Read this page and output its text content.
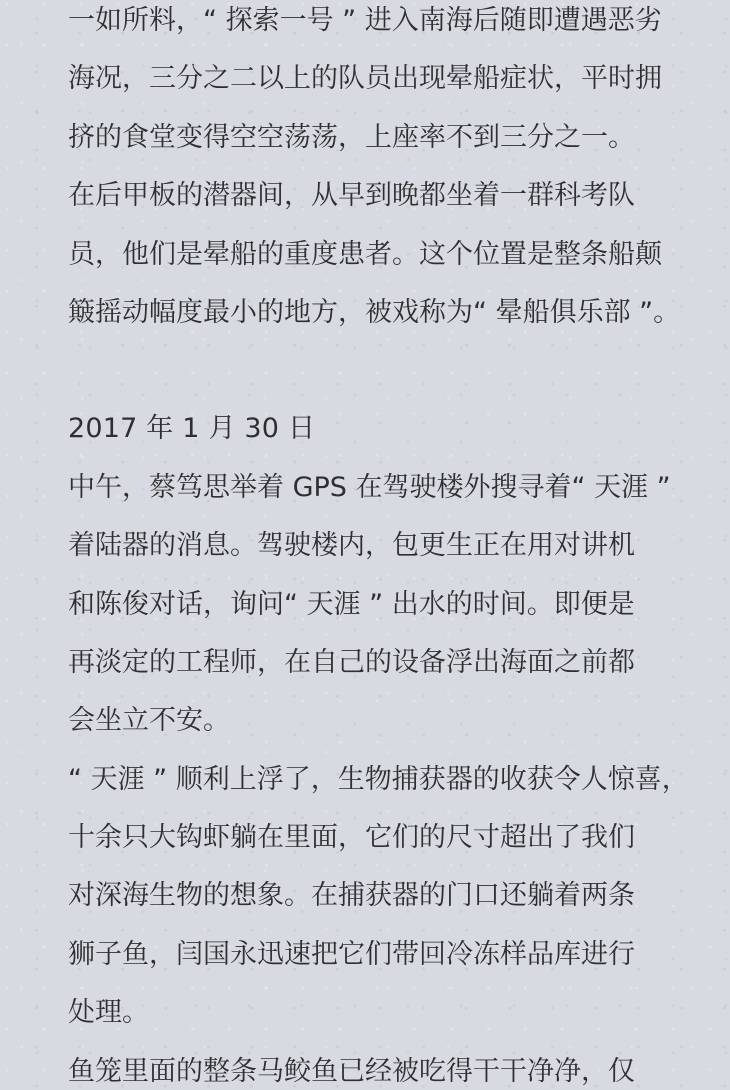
一如所料，“ 探索一号 ” 进入南海后随即遭遇恶劣
海况，三分之二以上的队员出现晕船症状，平时拥
挤的食堂变得空空荡荡，上座率不到三分之一。
在后甲板的潜器间，从早到晚都坐着一群科考队
员，他们是晕船的重度患者。这个位置是整条船颠
簸摇动幅度最小的地方，被戏称为“ 晕船俱乐部 ”。
2017 年 1 月 30 日
中午，蔡笃思举着 GPS 在驾驶楼外搜寻着“ 天涯 ”
着陆器的消息。驾驶楼内，包更生正在用对讲机
和陈俊对话，询问“ 天涯 ” 出水的时间。即便是
再淡定的工程师，在自己的设备浮出海面之前都
会坐立不安。
“ 天涯 ” 顺利上浮了，生物捕获器的收获令人惊喜，
十余只大钩虾躺在里面，它们的尺寸超出了我们
对深海生物的想象。在捕获器的门口还躺着两条
狮子鱼，闫国永迅速把它们带回冷冻样品库进行
处理。
鱼笼里面的整条马鲛鱼已经被吃得干干净净，仅
